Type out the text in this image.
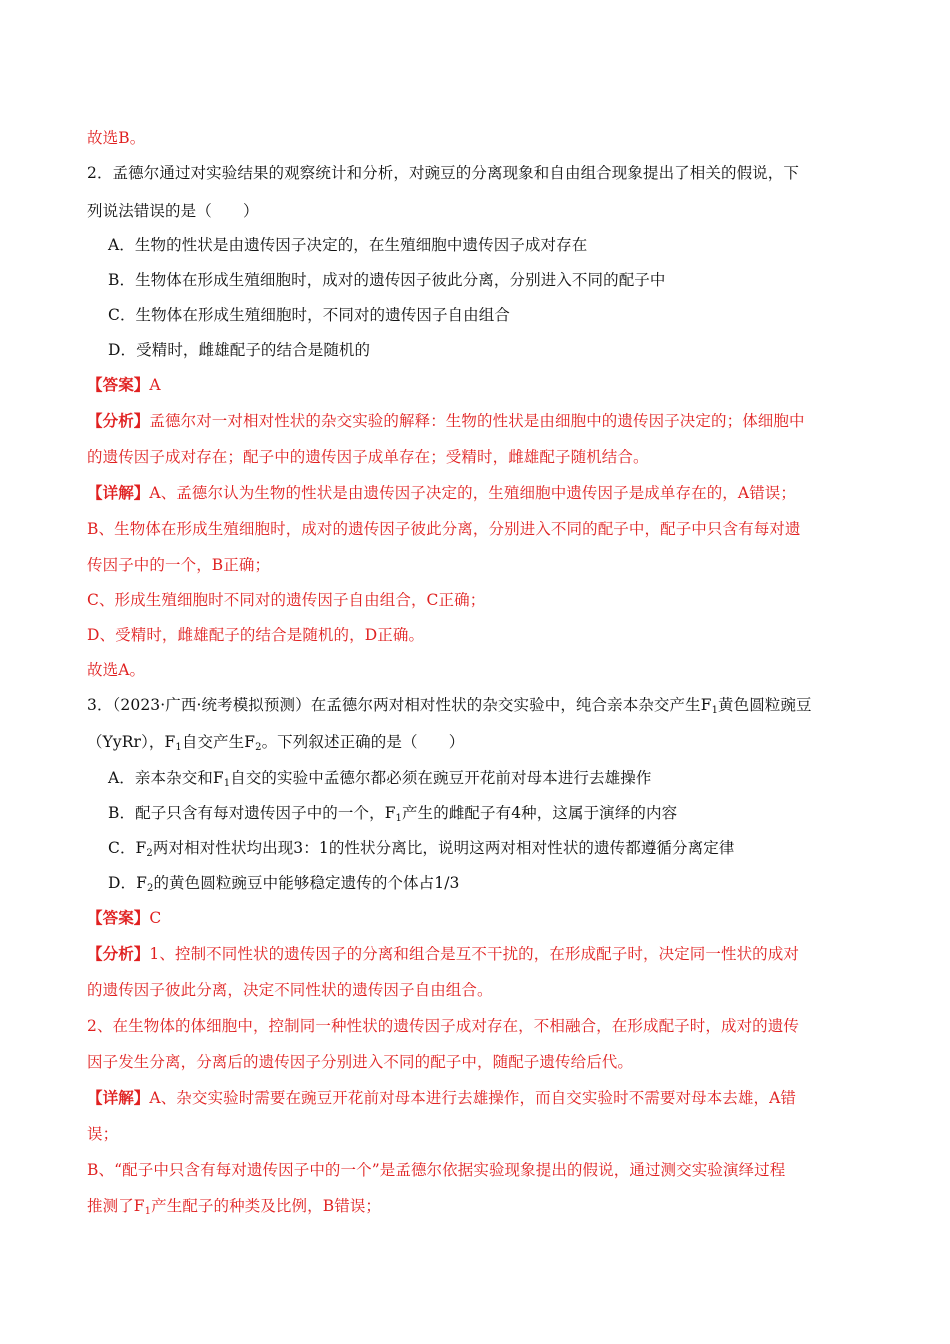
故选B。
2．孟德尔通过对实验结果的观察统计和分析，对豌豆的分离现象和自由组合现象提出了相关的假说，下
列说法错误的是（　　）
A．生物的性状是由遗传因子决定的，在生殖细胞中遗传因子成对存在
B．生物体在形成生殖细胞时，成对的遗传因子彼此分离，分别进入不同的配子中
C．生物体在形成生殖细胞时，不同对的遗传因子自由组合
D．受精时，雌雄配子的结合是随机的
【答案】A
【分析】孟德尔对一对相对性状的杂交实验的解释：生物的性状是由细胞中的遗传因子决定的；体细胞中
的遗传因子成对存在；配子中的遗传因子成单存在；受精时，雌雄配子随机结合。
【详解】A、孟德尔认为生物的性状是由遗传因子决定的，生殖细胞中遗传因子是成单存在的，A错误；
B、生物体在形成生殖细胞时，成对的遗传因子彼此分离，分别进入不同的配子中，配子中只含有每对遗
传因子中的一个，B正确；
C、形成生殖细胞时不同对的遗传因子自由组合，C正确；
D、受精时，雌雄配子的结合是随机的，D正确。
故选A。
3．（2023·广西·统考模拟预测）在孟德尔两对相对性状的杂交实验中，纯合亲本杂交产生$F_1$黄色圆粒豌豆
（YyRr），$F_1$自交产生$F_2$。下列叙述正确的是（　　）
A．亲本杂交和$F_1$自交的实验中孟德尔都必须在豌豆开花前对母本进行去雄操作
B．配子只含有每对遗传因子中的一个，$F_1$产生的雌配子有4种，这属于演绎的内容
C．$F_2$两对相对性状均出现3：1的性状分离比，说明这两对相对性状的遗传都遵循分离定律
D．$F_2$的黄色圆粒豌豆中能够稳定遗传的个体占1/3
【答案】C
【分析】1、控制不同性状的遗传因子的分离和组合是互不干扰的，在形成配子时，决定同一性状的成对
的遗传因子彼此分离，决定不同性状的遗传因子自由组合。
2、在生物体的体细胞中，控制同一种性状的遗传因子成对存在，不相融合，在形成配子时，成对的遗传
因子发生分离，分离后的遗传因子分别进入不同的配子中，随配子遗传给后代。
【详解】A、杂交实验时需要在豌豆开花前对母本进行去雄操作，而自交实验时不需要对母本去雄，A错
误；
B、“配子中只含有每对遗传因子中的一个”是孟德尔依据实验现象提出的假说，通过测交实验演绎过程
推测了$F_1$产生配子的种类及比例，B错误；
